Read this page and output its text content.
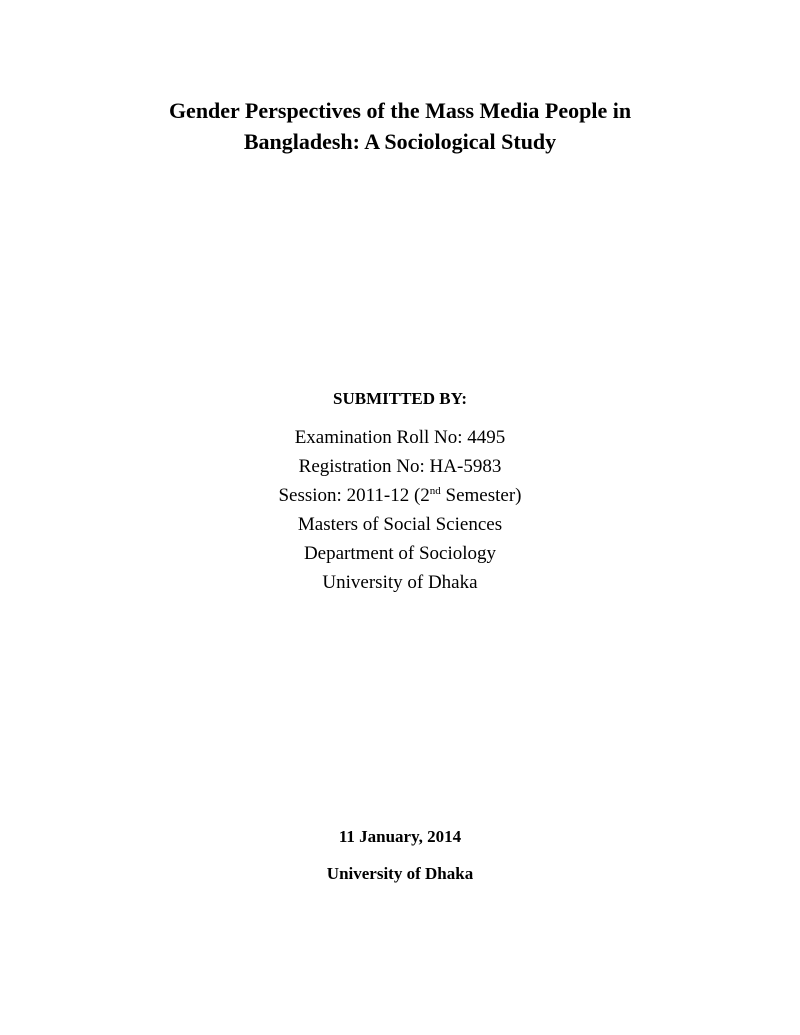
Gender Perspectives of the Mass Media People in
Bangladesh: A Sociological Study
SUBMITTED BY:
Examination Roll No: 4495
Registration No: HA-5983
Session: 2011-12 (2nd Semester)
Masters of Social Sciences
Department of Sociology
University of Dhaka
11 January, 2014
University of Dhaka
